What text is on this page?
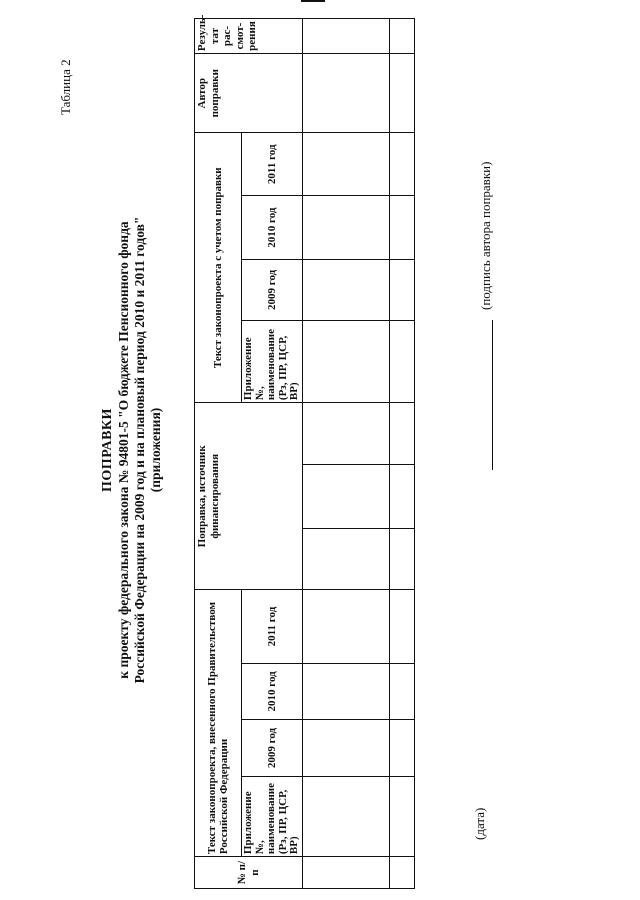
Таблица 2
ПОПРАВКИ к проекту федерального закона № 94801-5 "О бюджете Пенсионного фонда Российской Федерации на 2009 год и на плановый период 2010 и 2011 годов" (приложения)
№ п/п	Текст законопроекта, внесенного Правительством Российской Федерации				Поправка, источник финансирования			Текст законопроекта с учетом поправки				Автор поправки	Резуль-тат рас-смот-рения
	Приложение №, наименование (Рз, ПР, ЦСР, ВР)	2009 год	2010 год	2011 год				Приложение №, наименование (Рз, ПР, ЦСР, ВР)	2009 год	2010 год	2011 год		

(дата)
(подпись автора поправки)
